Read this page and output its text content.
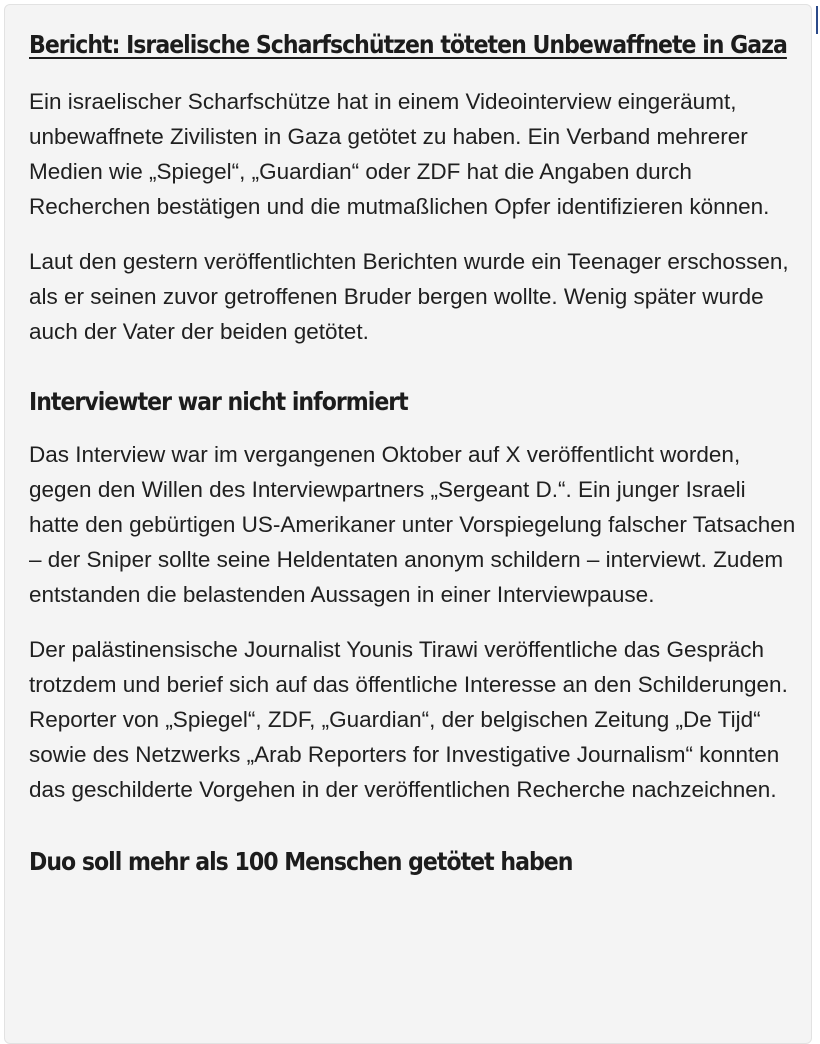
Bericht: Israelische Scharfschützen töteten Unbewaffnete in Gaza

Ein israelischer Scharfschütze hat in einem Videointerview eingeräumt, unbewaffnete Zivilisten in Gaza getötet zu haben. Ein Verband mehrerer Medien wie „Spiegel“, „Guardian“ oder ZDF hat die Angaben durch Recherchen bestätigen und die mutmaßlichen Opfer identifizieren können.

Laut den gestern veröffentlichten Berichten wurde ein Teenager erschossen, als er seinen zuvor getroffenen Bruder bergen wollte. Wenig später wurde auch der Vater der beiden getötet.

Interviewter war nicht informiert

Das Interview war im vergangenen Oktober auf X veröffentlicht worden, gegen den Willen des Interviewpartners „Sergeant D.“. Ein junger Israeli hatte den gebürtigen US-Amerikaner unter Vorspiegelung falscher Tatsachen – der Sniper sollte seine Heldentaten anonym schildern – interviewt. Zudem entstanden die belastenden Aussagen in einer Interviewpause.

Der palästinensische Journalist Younis Tirawi veröffentliche das Gespräch trotzdem und berief sich auf das öffentliche Interesse an den Schilderungen. Reporter von „Spiegel“, ZDF, „Guardian“, der belgischen Zeitung „De Tijd“ sowie des Netzwerks „Arab Reporters for Investigative Journalism“ konnten das geschilderte Vorgehen in der veröffentlichen Recherche nachzeichnen.

Duo soll mehr als 100 Menschen getötet haben
